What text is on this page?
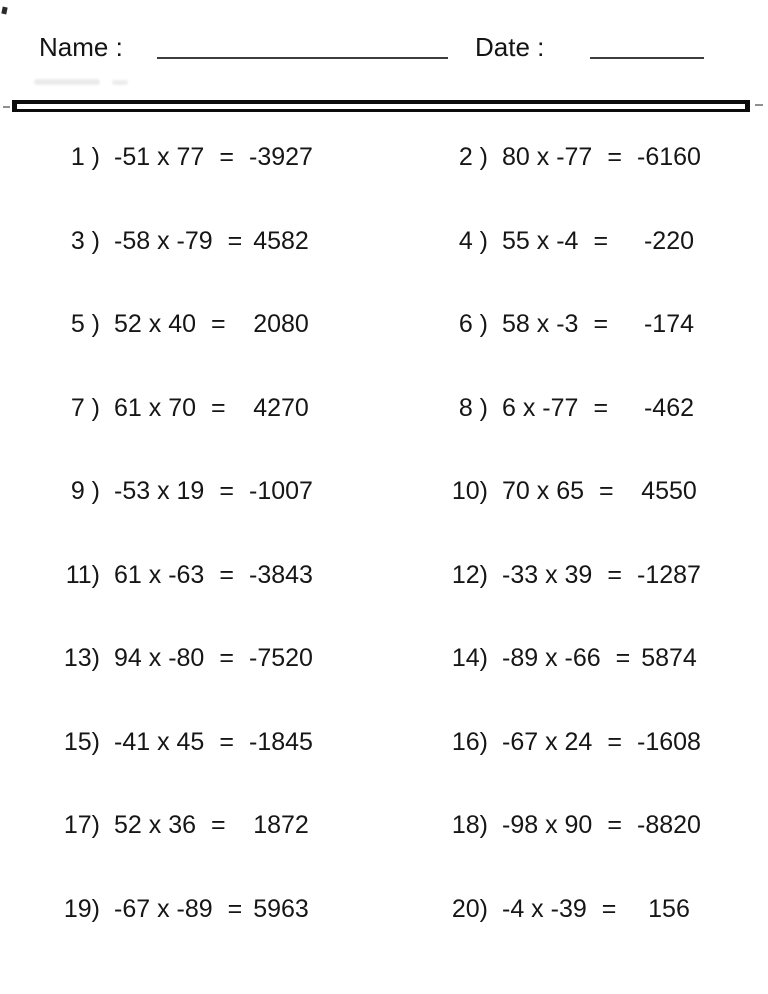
Name :	Date :
1 ) -51 x 77 = -3927	2 ) 80 x -77 = -6160
3 ) -58 x -79 = 4582	4 ) 55 x -4 =	-220
5 ) 52 x 40 =	2080	6 ) 58 x -3 =	-174
7 ) 61 x 70 =	4270	8 ) 6 x -77 =	-462
9 ) -53 x 19 = -1007	10) 70 x 65 =	4550
11) 61 x -63 = -3843	12) -33 x 39 = -1287
13) 94 x -80 = -7520	14) -89 x -66 = 5874
15) -41 x 45 = -1845	16) -67 x 24 = -1608
17) 52 x 36 =	1872	18) -98 x 90 = -8820
19) -67 x -89 = 5963	20) -4 x -39 =	156
